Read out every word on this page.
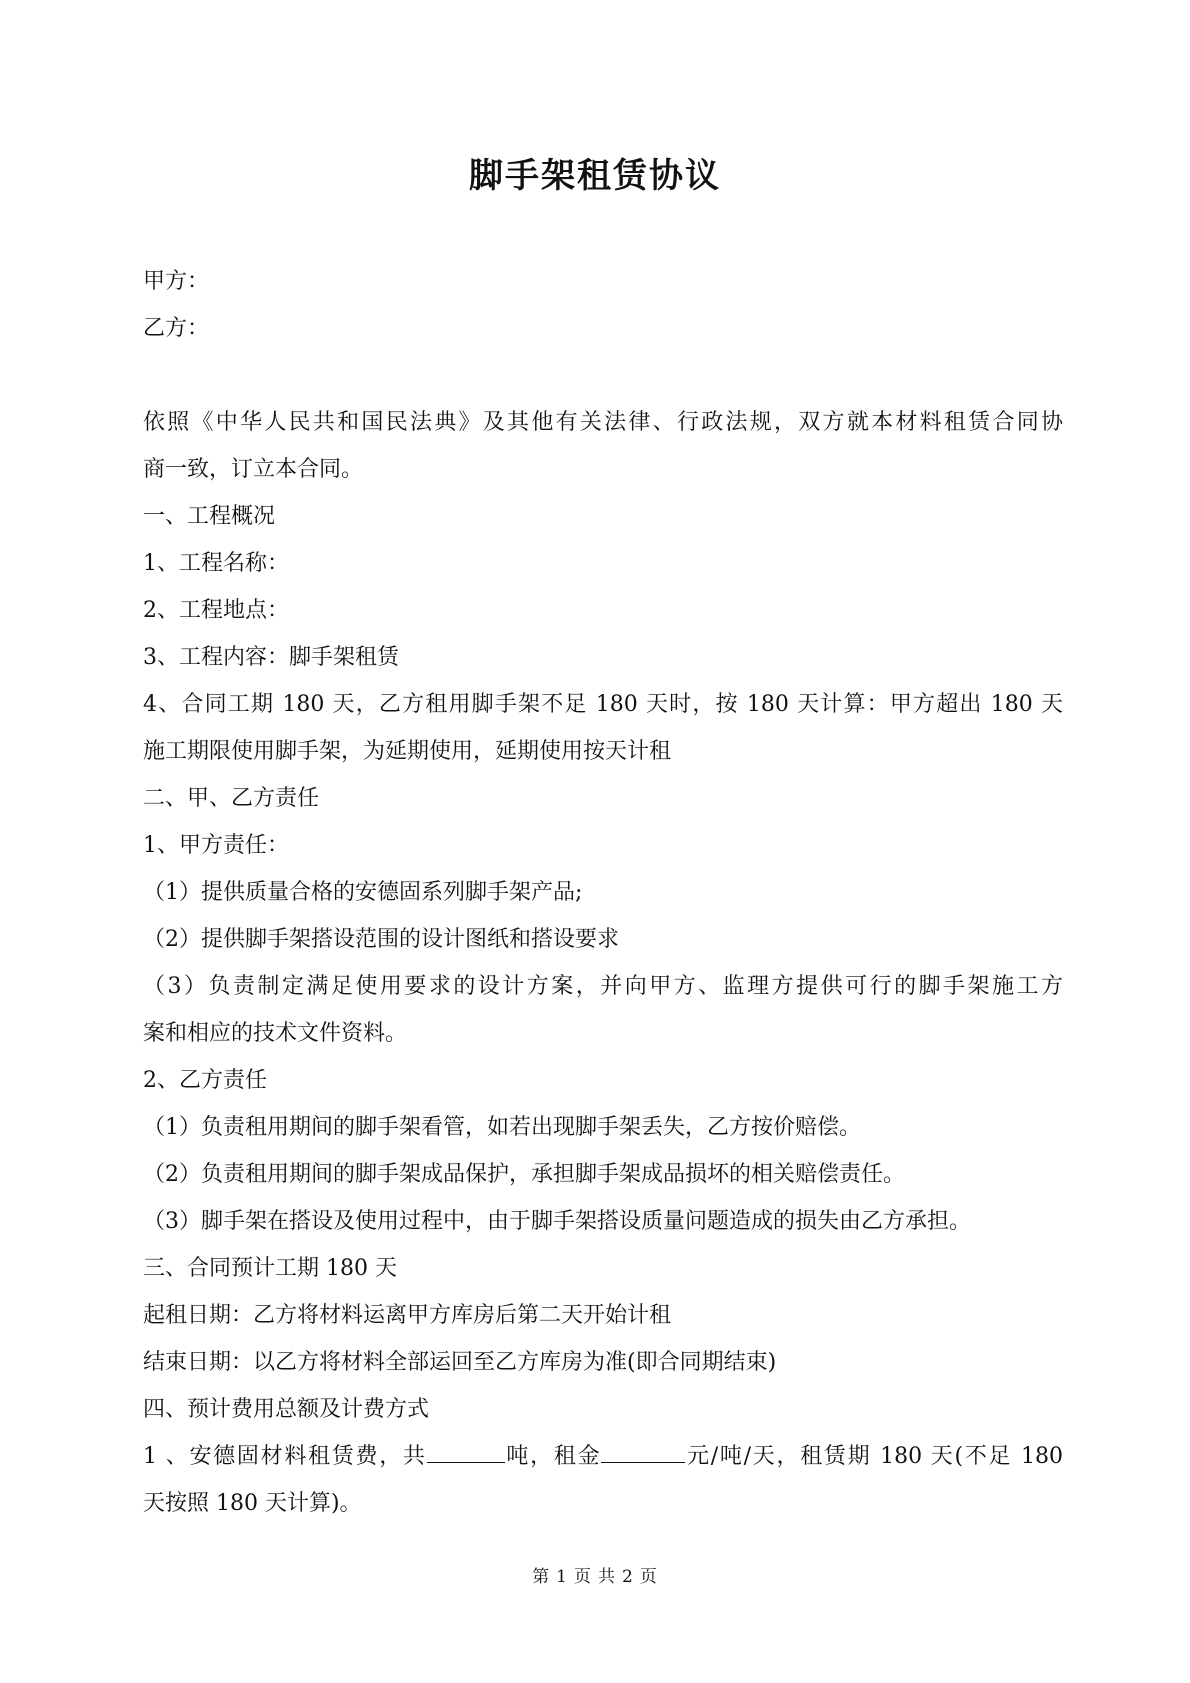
脚手架租赁协议

甲方：

乙方：

依照《中华人民共和国民法典》及其他有关法律、行政法规，双方就本材料租赁合同协

商一致，订立本合同。

一、工程概况

1、工程名称：

2、工程地点：

3、工程内容：脚手架租赁

4、合同工期 180 天，乙方租用脚手架不足 180 天时，按 180 天计算：甲方超出 180 天

施工期限使用脚手架，为延期使用，延期使用按天计租

二、甲、乙方责任

1、甲方责任：

（1）提供质量合格的安德固系列脚手架产品;

（2）提供脚手架搭设范围的设计图纸和搭设要求

（3）负责制定满足使用要求的设计方案，并向甲方、监理方提供可行的脚手架施工方

案和相应的技术文件资料。

2、乙方责任

（1）负责租用期间的脚手架看管，如若出现脚手架丢失，乙方按价赔偿。

（2）负责租用期间的脚手架成品保护，承担脚手架成品损坏的相关赔偿责任。

（3）脚手架在搭设及使用过程中，由于脚手架搭设质量问题造成的损失由乙方承担。

三、合同预计工期 180 天

起租日期：乙方将材料运离甲方库房后第二天开始计租

结束日期：以乙方将材料全部运回至乙方库房为准(即合同期结束)

四、预计费用总额及计费方式

1 、安德固材料租赁费，共	吨，租金	元/吨/天，租赁期 180 天(不足 180

天按照 180 天计算)。

第 1 页 共 2 页
